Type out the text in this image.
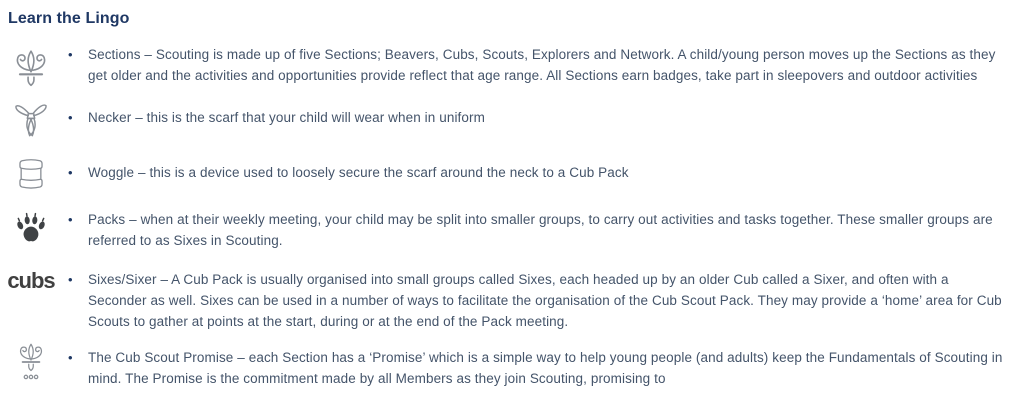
Learn the Lingo
•	Sections – Scouting is made up of five Sections; Beavers, Cubs, Scouts, Explorers and Network. A child/young person moves up the Sections as they get older and the activities and opportunities provide reflect that age range. All Sections earn badges, take part in sleepovers and outdoor activities
•	Necker – this is the scarf that your child will wear when in uniform
•	Woggle – this is a device used to loosely secure the scarf around the neck to a Cub Pack
•	Packs – when at their weekly meeting, your child may be split into smaller groups, to carry out activities and tasks together. These smaller groups are referred to as Sixes in Scouting.
cubs	•	Sixes/Sixer – A Cub Pack is usually organised into small groups called Sixes, each headed up by an older Cub called a Sixer, and often with a Seconder as well. Sixes can be used in a number of ways to facilitate the organisation of the Cub Scout Pack. They may provide a ‘home’ area for Cub Scouts to gather at points at the start, during or at the end of the Pack meeting.
•	The Cub Scout Promise – each Section has a ‘Promise’ which is a simple way to help young people (and adults) keep the Fundamentals of Scouting in mind. The Promise is the commitment made by all Members as they join Scouting, promising to
